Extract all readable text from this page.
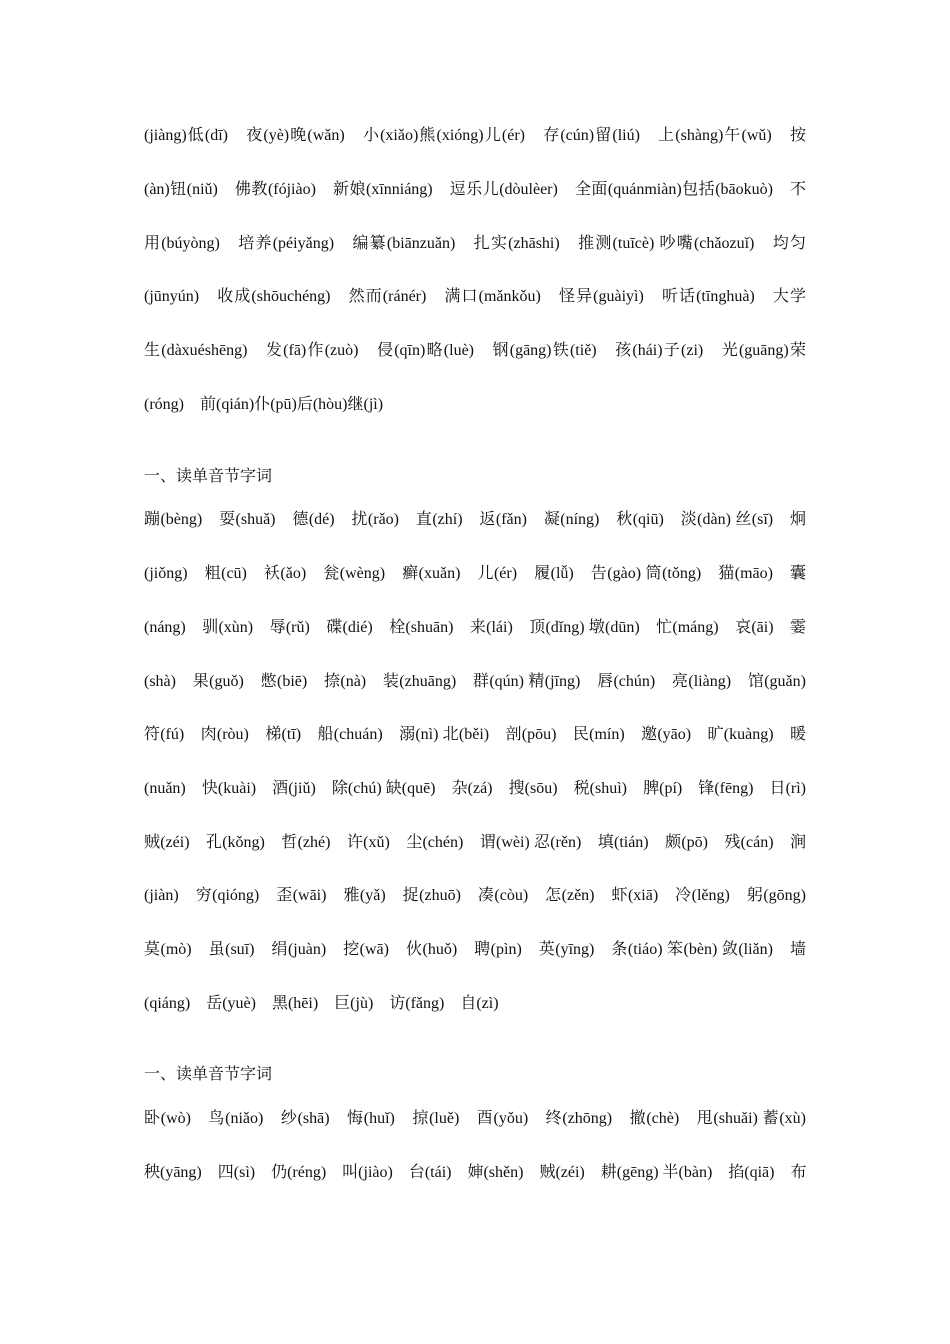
(jiàng)低(dī)　夜(yè)晚(wǎn)　小(xiǎo)熊(xióng)儿(ér)　存(cún)留(liú)　上(shàng)午(wǔ)　按
(àn)钮(niǔ)　佛教(fójiào)　新娘(xīnniáng)　逗乐儿(dòulèer)　全面(quánmiàn)包括(bāokuò)　不
用(búyòng)　培养(péiyǎng)　编纂(biānzuǎn)　扎实(zhāshi)　推测(tuīcè) 吵嘴(chǎozuǐ)　均匀
(jūnyún)　收成(shōuchéng)　然而(ránér)　满口(mǎnkǒu)　怪异(guàiyì)　听话(tīnghuà)　大学
生(dàxuéshēng)　发(fā)作(zuò)　侵(qīn)略(luè)　钢(gāng)铁(tiě)　孩(hái)子(zi)　光(guāng)荣
(róng)　前(qián)仆(pū)后(hòu)继(jì)
一、读单音节字词
蹦(bèng)　耍(shuǎ)　德(dé)　扰(rǎo)　直(zhí)　返(fǎn)　凝(níng)　秋(qiū)　淡(dàn) 丝(sī)　炯
(jiǒng)　粗(cū)　袄(ǎo)　瓮(wèng)　癣(xuǎn)　儿(ér)　履(lǚ)　告(gào) 筒(tǒng)　猫(māo)　囊
(náng)　驯(xùn)　辱(rǔ)　碟(dié)　栓(shuān)　来(lái)　顶(dǐng) 墩(dūn)　忙(máng)　哀(āi)　霎
(shà)　果(guǒ)　憋(biē)　捺(nà)　装(zhuāng)　群(qún) 精(jīng)　唇(chún)　亮(liàng)　馆(guǎn)
符(fú)　肉(ròu)　梯(tī)　船(chuán)　溺(nì) 北(běi)　剖(pōu)　民(mín)　邀(yāo)　旷(kuàng)　暖
(nuǎn)　快(kuài)　酒(jiǔ)　除(chú) 缺(quē)　杂(zá)　搜(sōu)　税(shuì)　脾(pí)　锋(fēng)　日(rì)
贼(zéi)　孔(kǒng)　哲(zhé)　许(xǔ)　尘(chén)　谓(wèi) 忍(rěn)　填(tián)　颇(pō)　残(cán)　涧
(jiàn)　穷(qióng)　歪(wāi)　雅(yǎ)　捉(zhuō)　凑(còu)　怎(zěn)　虾(xiā)　冷(lěng)　躬(gōng)
莫(mò)　虽(suī)　绢(juàn)　挖(wā)　伙(huǒ)　聘(pìn)　英(yīng)　条(tiáo) 笨(bèn) 敛(liǎn)　墙
(qiáng)　岳(yuè)　黑(hēi)　巨(jù)　访(fǎng)　自(zì)
一、读单音节字词
卧(wò)　鸟(niǎo)　纱(shā)　悔(huǐ)　掠(luě)　酉(yǒu)　终(zhōng)　撤(chè)　甩(shuǎi) 蓄(xù)
秧(yāng)　四(sì)　仍(réng)　叫(jiào)　台(tái)　婶(shěn)　贼(zéi)　耕(gēng) 半(bàn)　掐(qiā)　布
